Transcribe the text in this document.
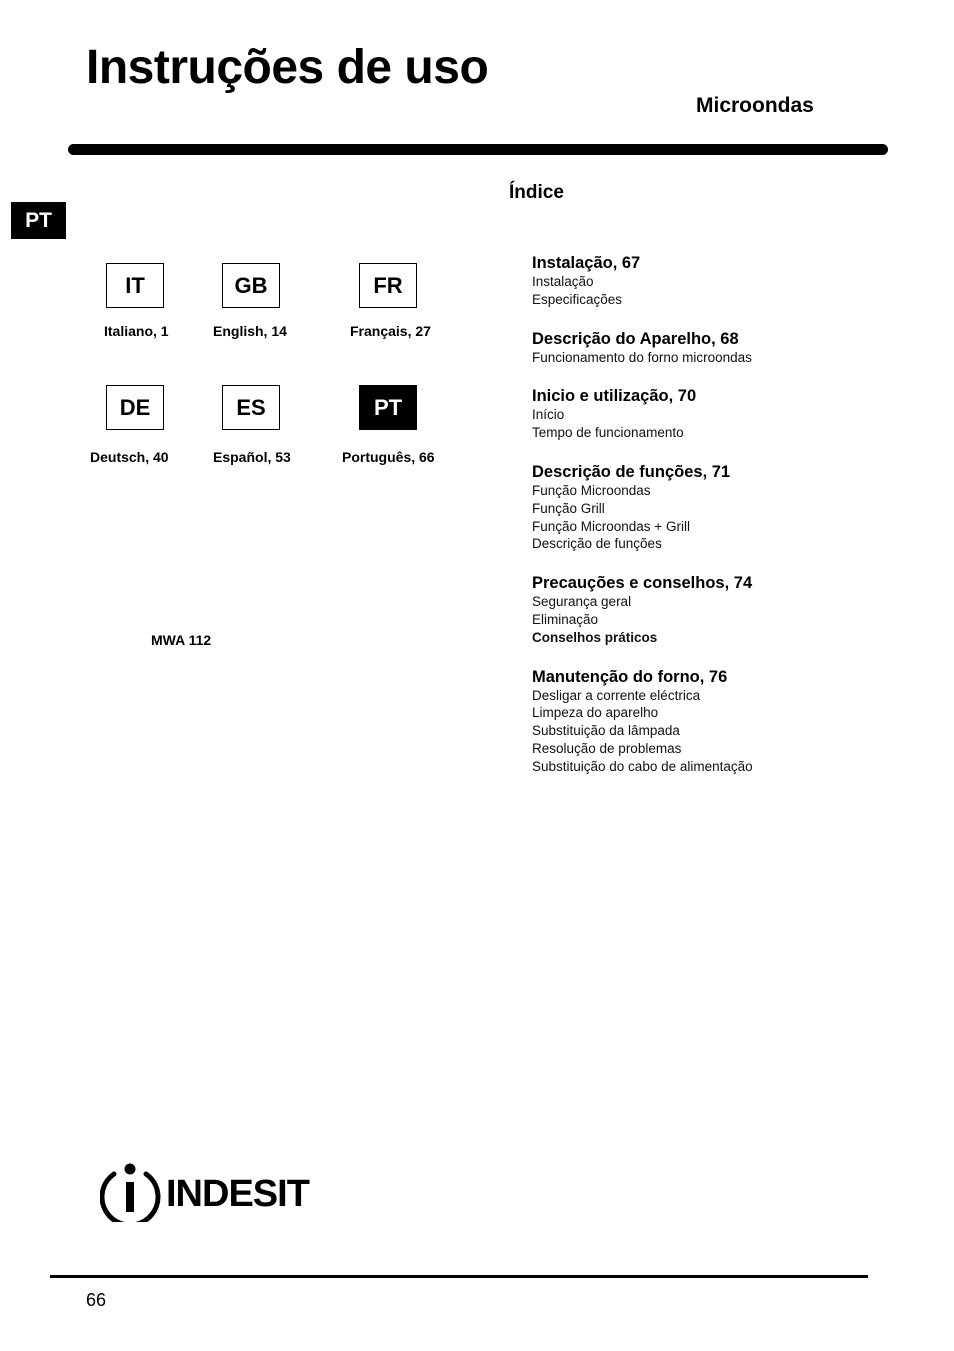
Instruções de uso
Microondas
PT
IT
Italiano, 1
GB
English, 14
FR
Français, 27
DE
Deutsch, 40
ES
Español, 53
PT
Português, 66
MWA 112
Índice
Instalação, 67
Instalação
Especificações
Descrição do Aparelho, 68
Funcionamento do forno microondas
Inicio e utilização, 70
Início
Tempo de funcionamento
Descrição de funções, 71
Função Microondas
Função Grill
Função Microondas + Grill
Descrição de funções
Precauções e conselhos, 74
Segurança geral
Eliminação
Conselhos práticos
Manutenção do forno, 76
Desligar a corrente eléctrica
Limpeza do aparelho
Substituição da lâmpada
Resolução de problemas
Substituição do cabo de alimentação
INDESIT
66
